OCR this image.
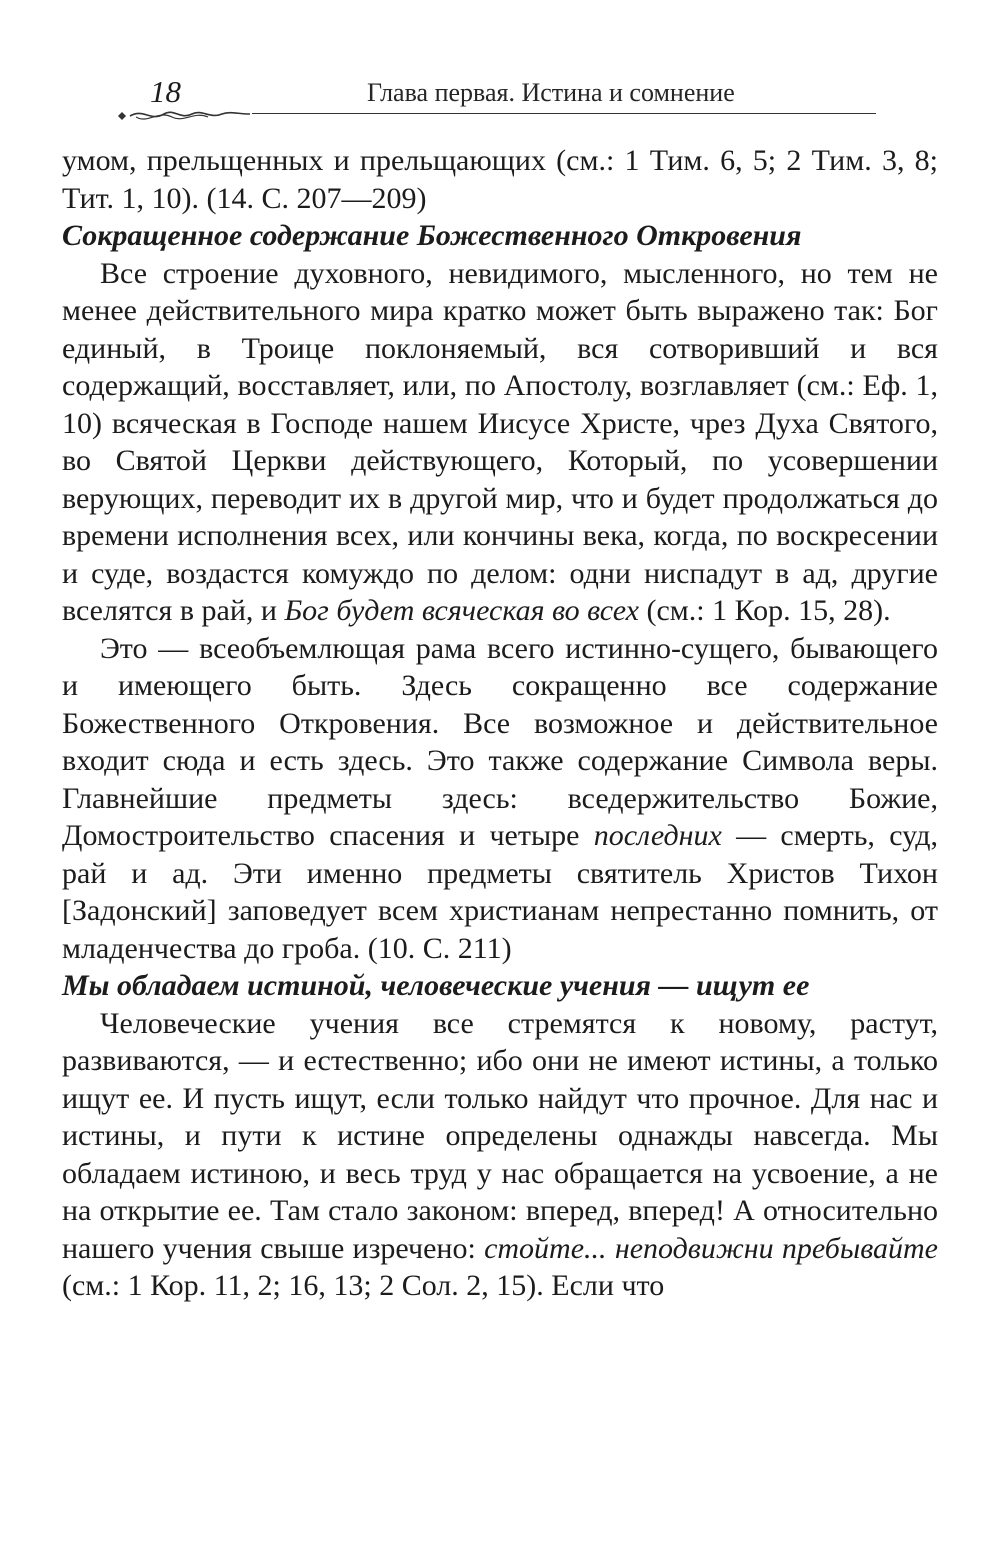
18	Глава первая. Истина и сомнение

умом, прельщенных и прельщающих (см.: 1 Тим. 6, 5; 2 Тим. 3, 8; Тит. 1, 10). (14. С. 207—209)

Сокращенное содержание Божественного Откровения

Все строение духовного, невидимого, мысленного, но тем не менее действительного мира кратко может быть выражено так: Бог единый, в Троице поклоняемый, вся сотворивший и вся содержащий, восставляет, или, по Апостолу, возглавляет (см.: Еф. 1, 10) всяческая в Господе нашем Иисусе Христе, чрез Духа Святого, во Святой Церкви действующего, Который, по усовершении верующих, переводит их в другой мир, что и будет продолжаться до времени исполнения всех, или кончины века, когда, по воскресении и суде, воздастся комуждо по делом: одни ниспадут в ад, другие вселятся в рай, и Бог будет всяческая во всех (см.: 1 Кор. 15, 28).

Это — всеобъемлющая рама всего истинно-сущего, бывающего и имеющего быть. Здесь сокращенно все содержание Божественного Откровения. Все возможное и действительное входит сюда и есть здесь. Это также содержание Символа веры. Главнейшие предметы здесь: вседержительство Божие, Домостроительство спасения и четыре последних — смерть, суд, рай и ад. Эти именно предметы святитель Христов Тихон [Задонский] заповедует всем христианам непрестанно помнить, от младенчества до гроба. (10. С. 211)

Мы обладаем истиной, человеческие учения — ищут ее

Человеческие учения все стремятся к новому, растут, развиваются, — и естественно; ибо они не имеют истины, а только ищут ее. И пусть ищут, если только найдут что прочное. Для нас и истины, и пути к истине определены однажды навсегда. Мы обладаем истиною, и весь труд у нас обращается на усвоение, а не на открытие ее. Там стало законом: вперед, вперед! А относительно нашего учения свыше изречено: стойте... неподвижни пребывайте (см.: 1 Кор. 11, 2; 16, 13; 2 Сол. 2, 15). Если что
